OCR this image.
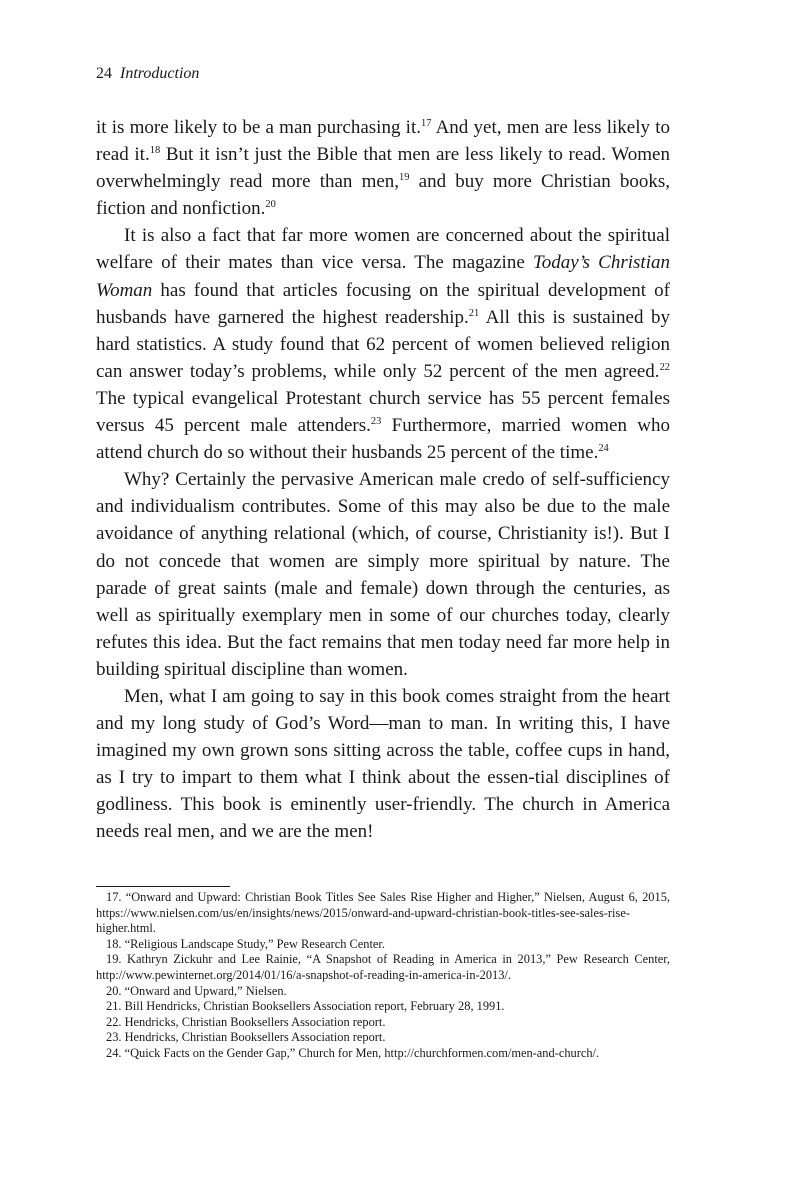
24 Introduction

it is more likely to be a man purchasing it.$^{17}$ And yet, men are less likely to read it.$^{18}$ But it isn’t just the Bible that men are less likely to read. Women overwhelmingly read more than men,$^{19}$ and buy more Christian books, fiction and nonfiction.$^{20}$

It is also a fact that far more women are concerned about the spiritual welfare of their mates than vice versa. The magazine Today’s Christian Woman has found that articles focusing on the spiritual development of husbands have garnered the highest readership.$^{21}$ All this is sustained by hard statistics. A study found that 62 percent of women believed religion can answer today’s problems, while only 52 percent of the men agreed.$^{22}$ The typical evangelical Protestant church service has 55 percent females versus 45 percent male attenders.$^{23}$ Furthermore, married women who attend church do so without their husbands 25 percent of the time.$^{24}$

Why? Certainly the pervasive American male credo of self-sufficiency and individualism contributes. Some of this may also be due to the male avoidance of anything relational (which, of course, Christianity is!). But I do not concede that women are simply more spiritual by nature. The parade of great saints (male and female) down through the centuries, as well as spiritually exemplary men in some of our churches today, clearly refutes this idea. But the fact remains that men today need far more help in building spiritual discipline than women.

Men, what I am going to say in this book comes straight from the heart and my long study of God’s Word—man to man. In writing this, I have imagined my own grown sons sitting across the table, coffee cups in hand, as I try to impart to them what I think about the essen-tial disciplines of godliness. This book is eminently user-friendly. The church in America needs real men, and we are the men!

17. “Onward and Upward: Christian Book Titles See Sales Rise Higher and Higher,” Nielsen, August 6, 2015, https://www.nielsen.com/us/en/insights/news/2015/onward-and-upward-christian-book-titles-see-sales-rise-higher.html.

18. “Religious Landscape Study,” Pew Research Center.

19. Kathryn Zickuhr and Lee Rainie, “A Snapshot of Reading in America in 2013,” Pew Research Center, http://www.pewinternet.org/2014/01/16/a-snapshot-of-reading-in-america-in-2013/.

20. “Onward and Upward,” Nielsen.

21. Bill Hendricks, Christian Booksellers Association report, February 28, 1991.

22. Hendricks, Christian Booksellers Association report.

23. Hendricks, Christian Booksellers Association report.

24. “Quick Facts on the Gender Gap,” Church for Men, http://churchformen.com/men-and-church/.
